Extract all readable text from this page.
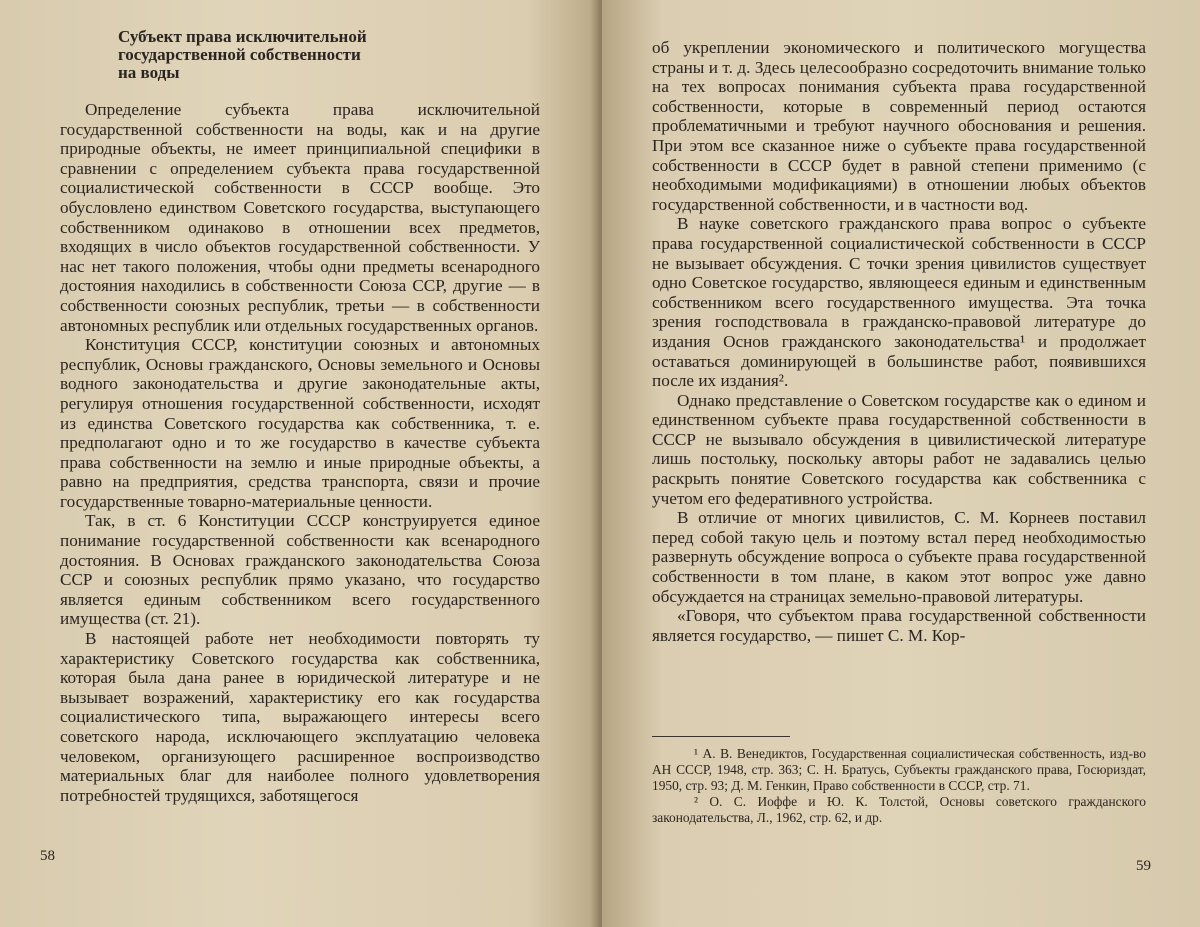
Субъект права исключительной
государственной собственности
на воды

Определение субъекта права исключительной государственной собственности на воды, как и на другие природные объекты, не имеет принципиальной специфики в сравнении с определением субъекта права государственной социалистической собственности в СССР вообще. Это обусловлено единством Советского государства, выступающего собственником одинаково в отношении всех предметов, входящих в число объектов государственной собственности. У нас нет такого положения, чтобы одни предметы всенародного достояния находились в собственности Союза ССР, другие — в собственности союзных республик, третьи — в собственности автономных республик или отдельных государственных органов.

Конституция СССР, конституции союзных и автономных республик, Основы гражданского, Основы земельного и Основы водного законодательства и другие законодательные акты, регулируя отношения государственной собственности, исходят из единства Советского государства как собственника, т. е. предполагают одно и то же государство в качестве субъекта права собственности на землю и иные природные объекты, а равно на предприятия, средства транспорта, связи и прочие государственные товарно-материальные ценности.

Так, в ст. 6 Конституции СССР конструируется единое понимание государственной собственности как всенародного достояния. В Основах гражданского законодательства Союза ССР и союзных республик прямо указано, что государство является единым собственником всего государственного имущества (ст. 21).

В настоящей работе нет необходимости повторять ту характеристику Советского государства как собственника, которая была дана ранее в юридической литературе и не вызывает возражений, характеристику его как государства социалистического типа, выражающего интересы всего советского народа, исключающего эксплуатацию человека человеком, организующего расширенное воспроизводство материальных благ для наиболее полного удовлетворения потребностей трудящихся, заботящегося

58

об укреплении экономического и политического могущества страны и т. д. Здесь целесообразно сосредоточить внимание только на тех вопросах понимания субъекта права государственной собственности, которые в современный период остаются проблематичными и требуют научного обоснования и решения. При этом все сказанное ниже о субъекте права государственной собственности в СССР будет в равной степени применимо (с необходимыми модификациями) в отношении любых объектов государственной собственности, и в частности вод.

В науке советского гражданского права вопрос о субъекте права государственной социалистической собственности в СССР не вызывает обсуждения. С точки зрения цивилистов существует одно Советское государство, являющееся единым и единственным собственником всего государственного имущества. Эта точка зрения господствовала в гражданско-правовой литературе до издания Основ гражданского законодательства¹ и продолжает оставаться доминирующей в большинстве работ, появившихся после их издания².

Однако представление о Советском государстве как о едином и единственном субъекте права государственной собственности в СССР не вызывало обсуждения в цивилистической литературе лишь постольку, поскольку авторы работ не задавались целью раскрыть понятие Советского государства как собственника с учетом его федеративного устройства.

В отличие от многих цивилистов, С. М. Корнеев поставил перед собой такую цель и поэтому встал перед необходимостью развернуть обсуждение вопроса о субъекте права государственной собственности в том плане, в каком этот вопрос уже давно обсуждается на страницах земельно-правовой литературы.

«Говоря, что субъектом права государственной собственности является государство, — пишет С. М. Кор-

¹ А. В. Венедиктов, Государственная социалистическая собственность, изд-во АН СССР, 1948, стр. 363; С. Н. Братусь, Субъекты гражданского права, Госюриздат, 1950, стр. 93; Д. М. Генкин, Право собственности в СССР, стр. 71.

² О. С. Иоффе и Ю. К. Толстой, Основы советского гражданского законодательства, Л., 1962, стр. 62, и др.

59
